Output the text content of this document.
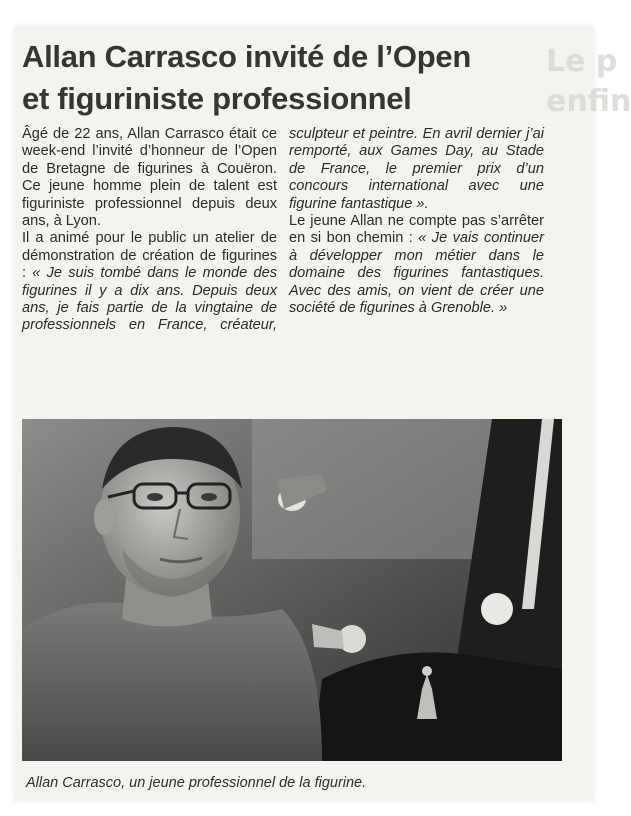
Le p
enfin
Allan Carrasco invité de l’Open
et figuriniste professionnel

Âgé de 22 ans, Allan Carrasco était ce week-end l’invité d’honneur de l’Open de Bretagne de figurines à Couëron. Ce jeune homme plein de talent est figuriniste professionnel depuis deux ans, à Lyon.

Il a animé pour le public un atelier de démonstration de création de figurines : « Je suis tombé dans le monde des figurines il y a dix ans. Depuis deux ans, je fais partie de la vingtaine de professionnels en France, créateur, sculpteur et peintre. En avril dernier j’ai remporté, aux Games Day, au Stade de France, le premier prix d’un concours international avec une figurine fantastique ».

Le jeune Allan ne compte pas s’arrêter en si bon chemin : « Je vais continuer à développer mon métier dans le domaine des figurines fantastiques. Avec des amis, on vient de créer une société de figurines à Grenoble. »

Allan Carrasco, un jeune professionnel de la figurine.
